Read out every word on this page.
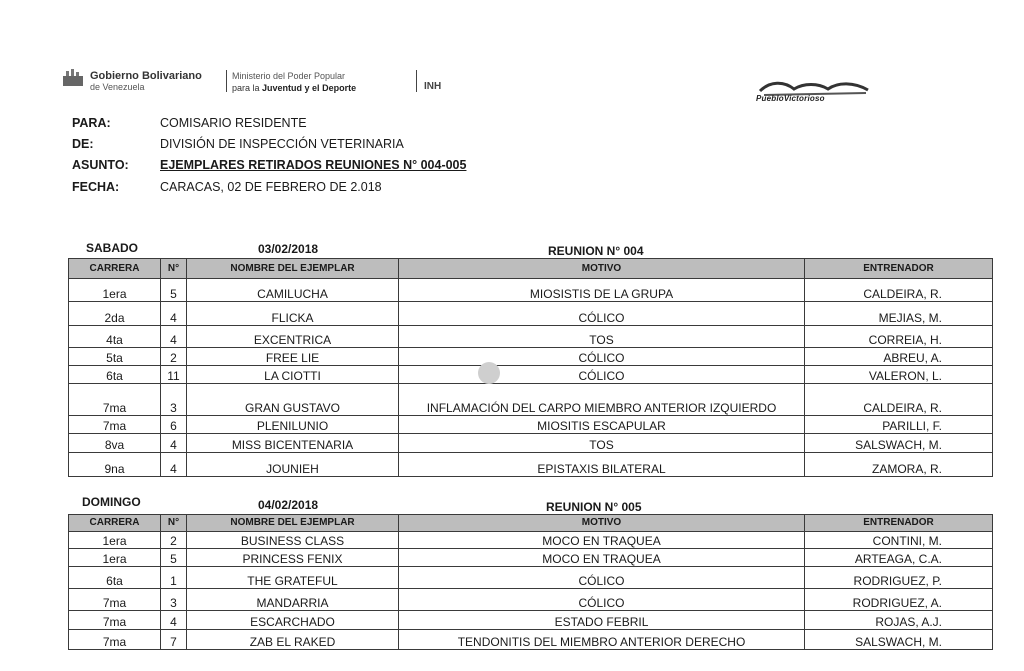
Gobierno Bolivariano
de Venezuela
Ministerio del Poder Popular
para la Juventud y el Deporte	INH
PuebloVictorioso
PARA:	COMISARIO RESIDENTE
DE:	DIVISIÓN DE INSPECCIÓN VETERINARIA
ASUNTO:	EJEMPLARES RETIRADOS REUNIONES N° 004-005
FECHA:	CARACAS, 02 DE FEBRERO DE 2.018
SABADO	03/02/2018	REUNION N° 004
CARRERA	N°	NOMBRE DEL EJEMPLAR	MOTIVO	ENTRENADOR
1era	5	CAMILUCHA	MIOSISTIS DE LA GRUPA	CALDEIRA, R.
2da	4	FLICKA	CÓLICO	MEJIAS, M.
4ta	4	EXCENTRICA	TOS	CORREIA, H.
5ta	2	FREE LIE	CÓLICO	ABREU, A.
6ta	11	LA CIOTTI	CÓLICO	VALERON, L.
7ma	3	GRAN GUSTAVO	INFLAMACIÓN DEL CARPO MIEMBRO ANTERIOR IZQUIERDO	CALDEIRA, R.
7ma	6	PLENILUNIO	MIOSITIS ESCAPULAR	PARILLI, F.
8va	4	MISS BICENTENARIA	TOS	SALSWACH, M.
9na	4	JOUNIEH	EPISTAXIS BILATERAL	ZAMORA, R.
DOMINGO	04/02/2018	REUNION N° 005
CARRERA	N°	NOMBRE DEL EJEMPLAR	MOTIVO	ENTRENADOR
1era	2	BUSINESS CLASS	MOCO EN TRAQUEA	CONTINI, M.
1era	5	PRINCESS FENIX	MOCO EN TRAQUEA	ARTEAGA, C.A.
6ta	1	THE GRATEFUL	CÓLICO	RODRIGUEZ, P.
7ma	3	MANDARRIA	CÓLICO	RODRIGUEZ, A.
7ma	4	ESCARCHADO	ESTADO FEBRIL	ROJAS, A.J.
7ma	7	ZAB EL RAKED	TENDONITIS DEL MIEMBRO ANTERIOR DERECHO	SALSWACH, M.
